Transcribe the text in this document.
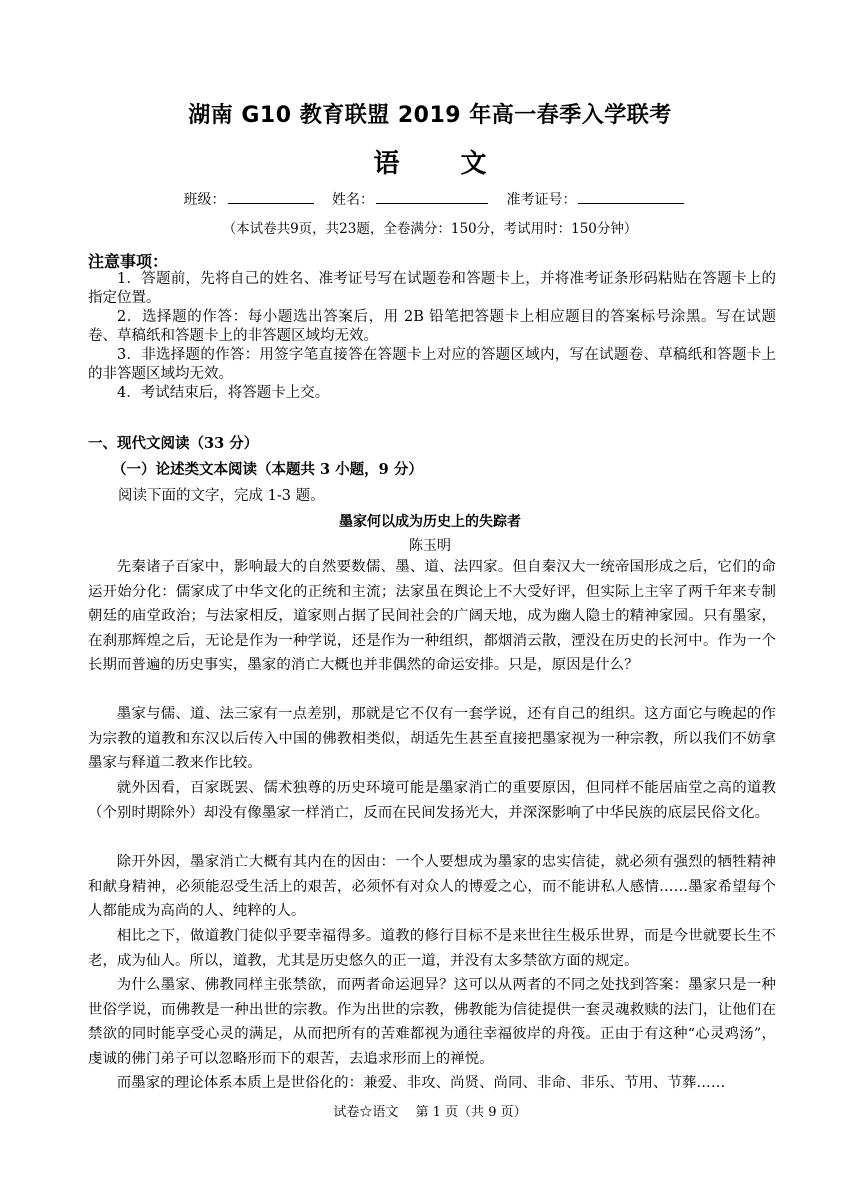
湖南 G10 教育联盟 2019 年高一春季入学联考
语 文
班级：	姓名：	准考证号：
（本试卷共9页，共23题，全卷满分：150分，考试用时：150分钟）
注意事项：
1．答题前，先将自己的姓名、准考证号写在试题卷和答题卡上，并将准考证条形码粘贴在答题卡上的指定位置。
2．选择题的作答：每小题选出答案后，用 2B 铅笔把答题卡上相应题目的答案标号涂黑。写在试题卷、草稿纸和答题卡上的非答题区域均无效。
3．非选择题的作答：用签字笔直接答在答题卡上对应的答题区域内，写在试题卷、草稿纸和答题卡上的非答题区域均无效。
4．考试结束后，将答题卡上交。
一、现代文阅读（33 分）
（一）论述类文本阅读（本题共 3 小题，9 分）
阅读下面的文字，完成 1-3 题。
墨家何以成为历史上的失踪者
陈玉明
先秦诸子百家中，影响最大的自然要数儒、墨、道、法四家。但自秦汉大一统帝国形成之后，它们的命运开始分化：儒家成了中华文化的正统和主流；法家虽在舆论上不大受好评，但实际上主宰了两千年来专制朝廷的庙堂政治；与法家相反，道家则占据了民间社会的广阔天地，成为幽人隐士的精神家园。只有墨家，在刹那辉煌之后，无论是作为一种学说，还是作为一种组织，都烟消云散，湮没在历史的长河中。作为一个长期而普遍的历史事实，墨家的消亡大概也并非偶然的命运安排。只是，原因是什么？
墨家与儒、道、法三家有一点差别，那就是它不仅有一套学说，还有自己的组织。这方面它与晚起的作为宗教的道教和东汉以后传入中国的佛教相类似，胡适先生甚至直接把墨家视为一种宗教，所以我们不妨拿墨家与释道二教来作比较。
就外因看，百家既罢、儒术独尊的历史环境可能是墨家消亡的重要原因，但同样不能居庙堂之高的道教（个别时期除外）却没有像墨家一样消亡，反而在民间发扬光大，并深深影响了中华民族的底层民俗文化。
除开外因，墨家消亡大概有其内在的因由：一个人要想成为墨家的忠实信徒，就必须有强烈的牺牲精神和献身精神，必须能忍受生活上的艰苦，必须怀有对众人的博爱之心，而不能讲私人感情……墨家希望每个人都能成为高尚的人、纯粹的人。
相比之下，做道教门徒似乎要幸福得多。道教的修行目标不是来世往生极乐世界，而是今世就要长生不老，成为仙人。所以，道教，尤其是历史悠久的正一道，并没有太多禁欲方面的规定。
为什么墨家、佛教同样主张禁欲，而两者命运迥异？这可以从两者的不同之处找到答案：墨家只是一种世俗学说，而佛教是一种出世的宗教。作为出世的宗教，佛教能为信徒提供一套灵魂救赎的法门，让他们在禁欲的同时能享受心灵的满足，从而把所有的苦难都视为通往幸福彼岸的舟筏。正由于有这种“心灵鸡汤”，虔诚的佛门弟子可以忽略形而下的艰苦，去追求形而上的禅悦。
而墨家的理论体系本质上是世俗化的：兼爱、非攻、尚贤、尚同、非命、非乐、节用、节葬……
试卷☆语文　 第 1 页（共 9 页）
